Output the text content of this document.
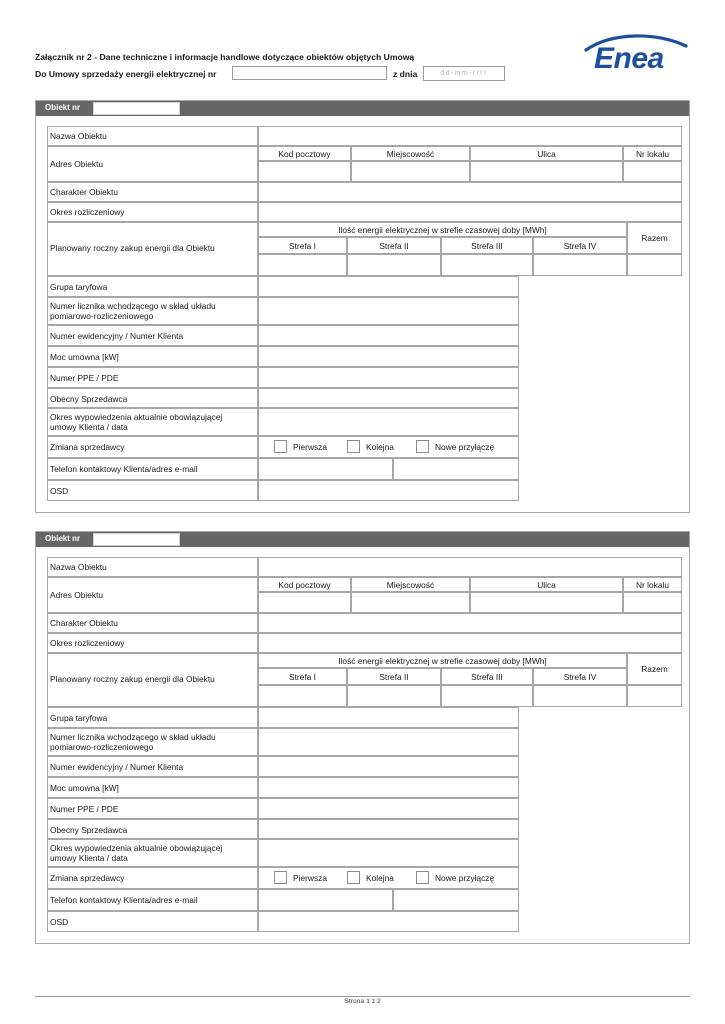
Załącznik nr 2 - Dane techniczne i informacje handlowe dotyczące obiektów objętych Umową
Do Umowy sprzedaży energii elektrycznej nr	z dnia	dd-mm-rrrr	Enea
Obiekt nr
Nazwa Obiektu
Adres Obiektu
Kod pocztowy	Miejscowość	Ulica	Nr lokalu
Charakter Obiektu
Okres rozliczeniowy
Planowany roczny zakup energii dla Obiektu
Ilość energii elektrycznej w strefie czasowej doby [MWh]
Strefa I	Strefa II	Strefa III	Strefa IV
Razem
Grupa taryfowa
Numer licznika wchodzącego w skład układu pomiarowo-rozliczeniowego
Numer ewidencyjny / Numer Klienta
Moc umowna [kW]
Numer PPE / PDE
Obecny Sprzedawca
Okres wypowiedzenia aktualnie obowiązującej umowy Klienta / data
Zmiana sprzedawcy	Pierwsza	Kolejna	Nowe przyłączę
Telefon kontaktowy Klienta/adres e-mail
OSD
Obiekt nr
Nazwa Obiektu
Adres Obiektu
Kod pocztowy	Miejscowość	Ulica	Nr lokalu
Charakter Obiektu
Okres rozliczeniowy
Planowany roczny zakup energii dla Obiektu
Ilość energii elektrycznej w strefie czasowej doby [MWh]
Strefa I	Strefa II	Strefa III	Strefa IV
Razem
Grupa taryfowa
Numer licznika wchodzącego w skład układu pomiarowo-rozliczeniowego
Numer ewidencyjny / Numer Klienta
Moc umowna [kW]
Numer PPE / PDE
Obecny Sprzedawca
Okres wypowiedzenia aktualnie obowiązującej umowy Klienta / data
Zmiana sprzedawcy	Pierwsza	Kolejna	Nowe przyłączę
Telefon kontaktowy Klienta/adres e-mail
OSD
Strona 1 z 2
